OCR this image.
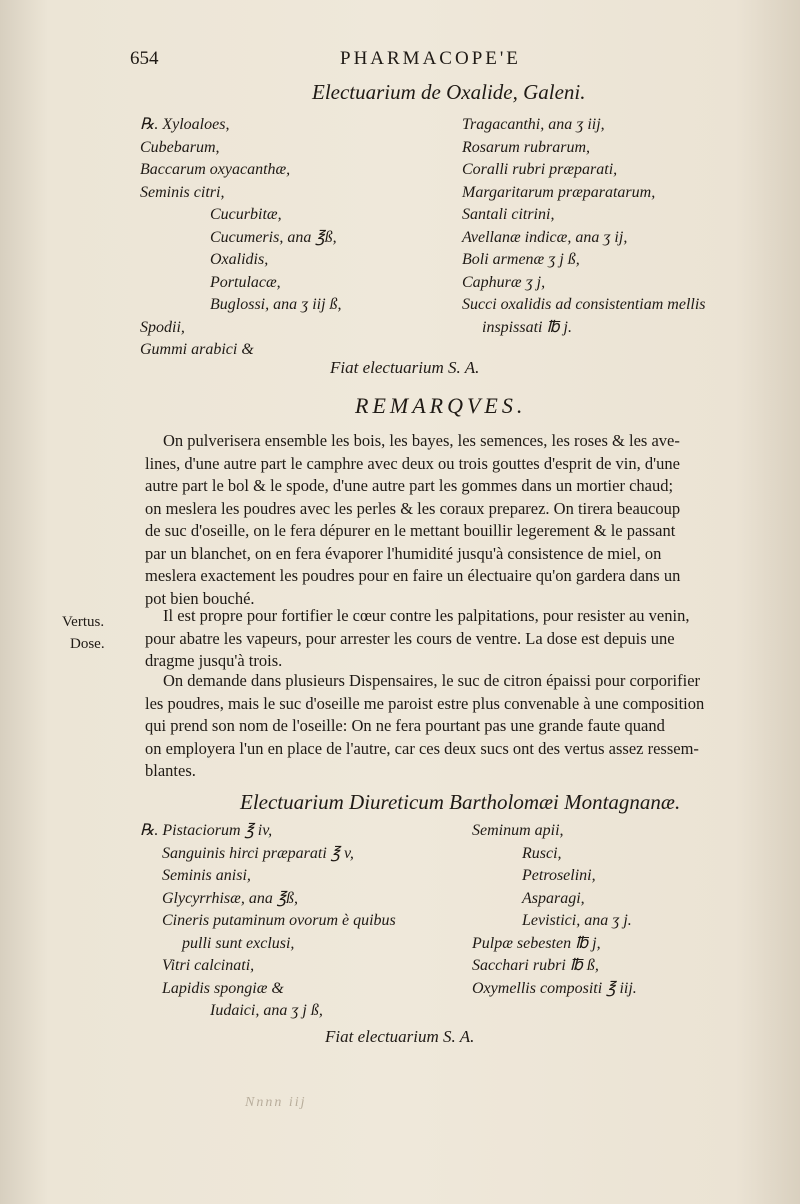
654	PHARMACOPE'E
Electuarium de Oxalide, Galeni.
℞. Xyloaloes,
Cubebarum,
Baccarum oxyacanthæ,
Seminis citri,
Cucurbitæ,
Cucumeris, ana ℥ß,
Oxalidis,
Portulacæ,
Buglossi, ana ʒ iij ß,
Spodii,
Gummi arabici &
Tragacanthi, ana ʒ iij,
Rosarum rubrarum,
Coralli rubri præparati,
Margaritarum præparatarum,
Santali citrini,
Avellanæ indicæ, ana ʒ ij,
Boli armenæ ʒ j ß,
Caphuræ ʒ j,
Succi oxalidis ad consistentiam mellis
inspissati ℔ j.
Fiat electuarium S. A.
REMARQVES.
On pulverisera ensemble les bois, les bayes, les semences, les roses & les ave-
lines, d'une autre part le camphre avec deux ou trois gouttes d'esprit de vin, d'une
autre part le bol & le spode, d'une autre part les gommes dans un mortier chaud;
on meslera les poudres avec les perles & les coraux preparez. On tirera beaucoup
de suc d'oseille, on le fera dépurer en le mettant bouillir legerement & le passant
par un blanchet, on en fera évaporer l'humidité jusqu'à consistence de miel, on
meslera exactement les poudres pour en faire un électuaire qu'on gardera dans un
pot bien bouché.
Vertus.
Dose.
Il est propre pour fortifier le cœur contre les palpitations, pour resister au venin,
pour abatre les vapeurs, pour arrester les cours de ventre. La dose est depuis une
dragme jusqu'à trois.
On demande dans plusieurs Dispensaires, le suc de citron épaissi pour corporifier
les poudres, mais le suc d'oseille me paroist estre plus convenable à une composition
qui prend son nom de l'oseille: On ne fera pourtant pas une grande faute quand
on employera l'un en place de l'autre, car ces deux sucs ont des vertus assez ressem-
blantes.
Electuarium Diureticum Bartholomæi Montagnanæ.
℞. Pistaciorum ℥ iv,
Sanguinis hirci præparati ℥ v,
Seminis anisi,
Glycyrrhisæ, ana ℥ß,
Cineris putaminum ovorum è quibus
pulli sunt exclusi,
Vitri calcinati,
Lapidis spongiæ &
Iudaici, ana ʒ j ß,
Seminum apii,
Rusci,
Petroselini,
Asparagi,
Levistici, ana ʒ j.
Pulpæ sebesten ℔ j,
Sacchari rubri ℔ ß,
Oxymellis compositi ℥ iij.
Fiat electuarium S. A.
Nnnn iij
